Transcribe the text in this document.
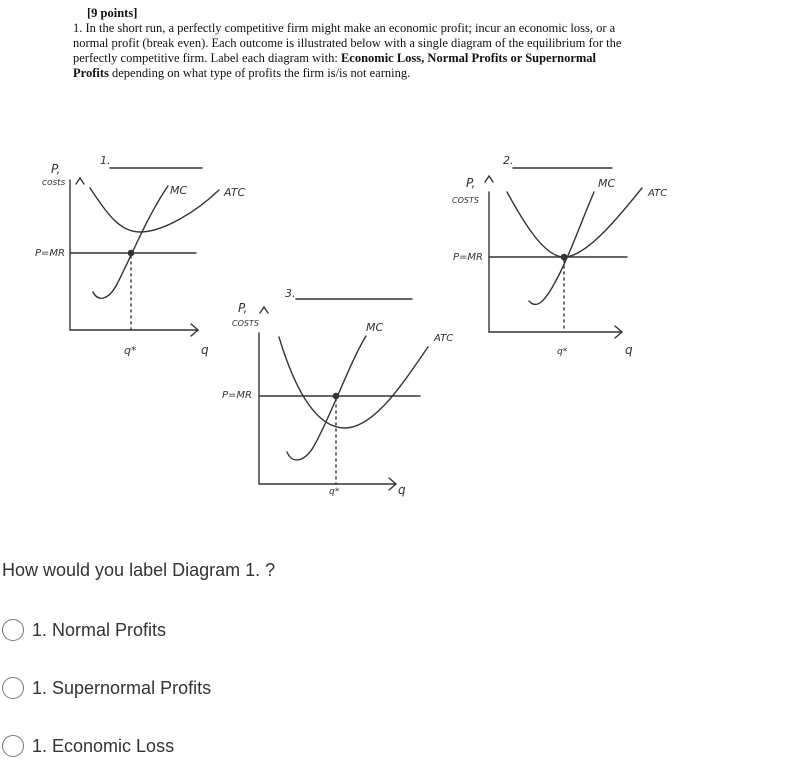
[9 points]
1. In the short run, a perfectly competitive firm might make an economic profit; incur an economic loss, or a normal profit (break even). Each outcome is illustrated below with a single diagram of the equilibrium for the perfectly competitive firm. Label each diagram with: Economic Loss, Normal Profits or Supernormal Profits depending on what type of profits the firm is/is not earning.
1.
P,
costs
P=MR
MC	ATC
q*	q
3.
P,
COSTS
P=MR
MC
ATC
q*	q
2.
P,
COSTS
P=MR
MC
ATC
q*	q
How would you label Diagram 1. ?
1. Normal Profits
1. Supernormal Profits
1. Economic Loss
